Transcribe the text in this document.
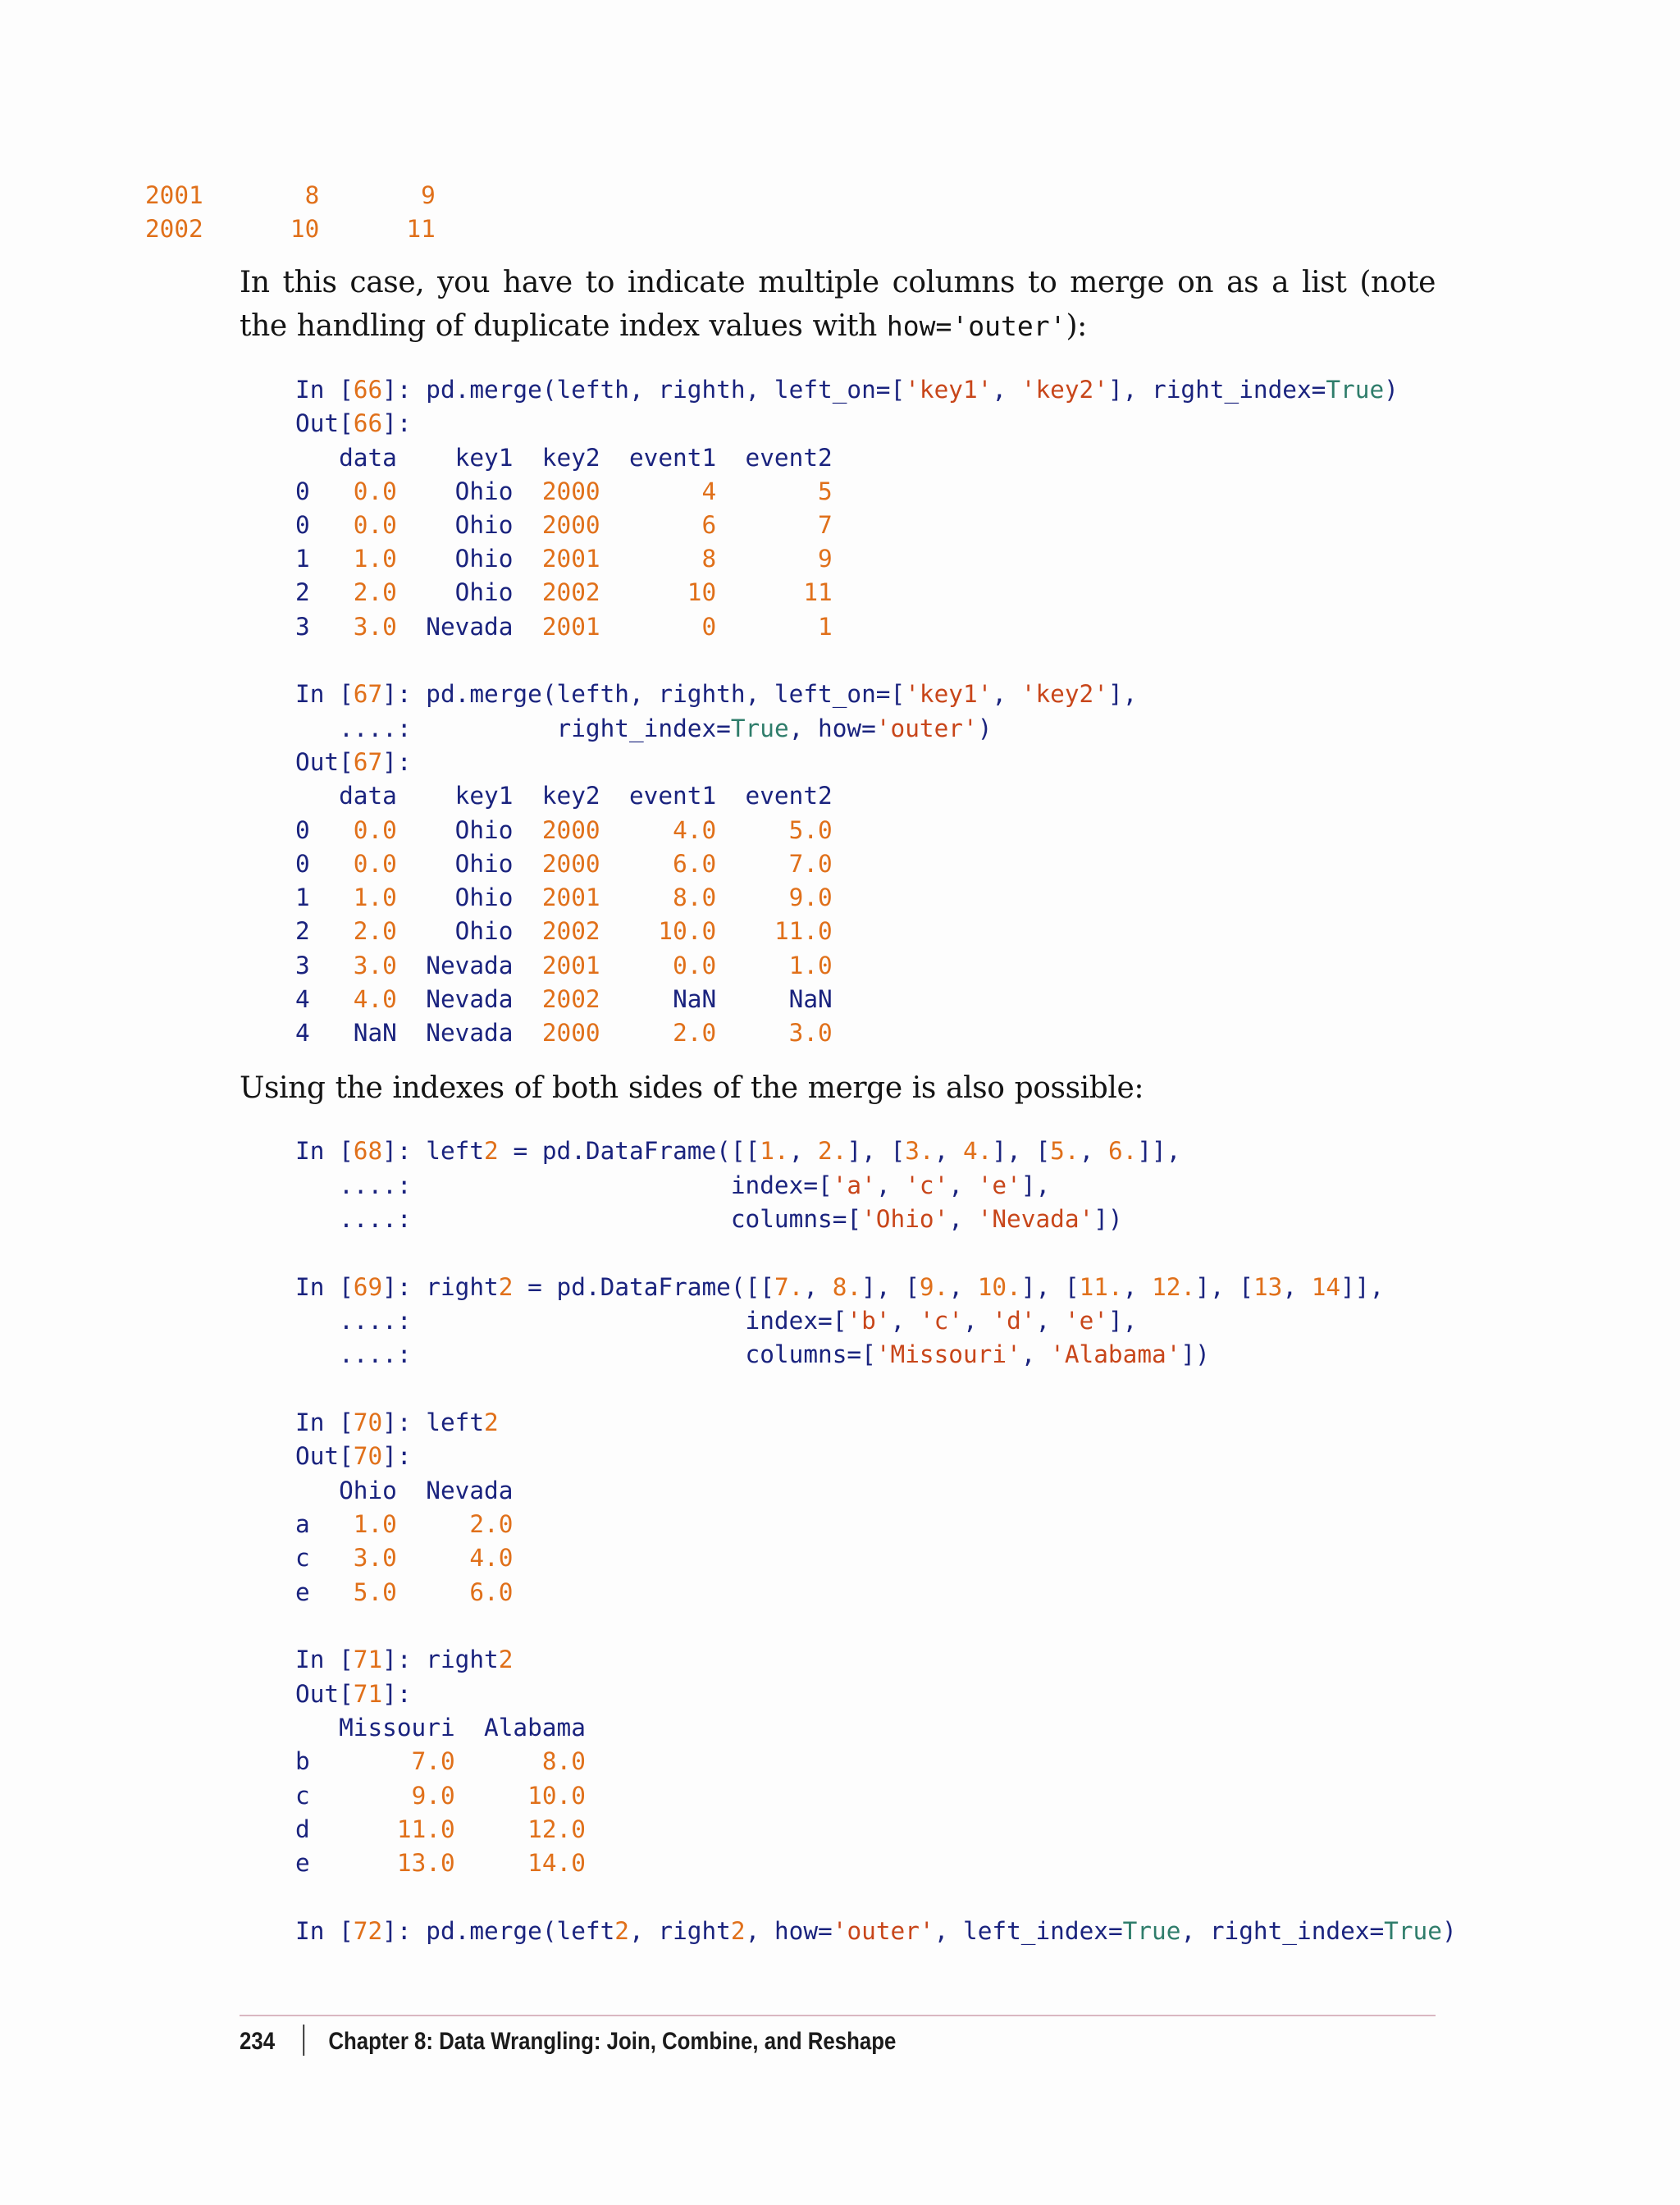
2001       8       9

2002      10      11

In [66]: pd.merge(lefth, righth, left_on=['key1', 'key2'], right_index=True)

Out[66]:

data    key1  key2  event1  event2

0   0.0    Ohio  2000       4       5

0   0.0    Ohio  2000       6       7

1   1.0    Ohio  2001       8       9

2   2.0    Ohio  2002      10      11

3   3.0  Nevada  2001       0       1

In [67]: pd.merge(lefth, righth, left_on=['key1', 'key2'],

....:          right_index=True, how='outer')

Out[67]:

data    key1  key2  event1  event2

0   0.0    Ohio  2000     4.0     5.0

0   0.0    Ohio  2000     6.0     7.0

1   1.0    Ohio  2001     8.0     9.0

2   2.0    Ohio  2002    10.0    11.0

3   3.0  Nevada  2001     0.0     1.0

4   4.0  Nevada  2002     NaN	NaN

4 NaN Nevada  2000     2.0     3.0

In [68]: left2 = pd.DataFrame([[1., 2.], [3., 4.], [5., 6.]],

....:                      index=['a', 'c', 'e'],

....:                      columns=['Ohio', 'Nevada'])

In [69]: right2 = pd.DataFrame([[7., 8.], [9., 10.], [11., 12.], [13, 14]],

....:                       index=['b', 'c', 'd', 'e'],

....:                       columns=['Missouri', 'Alabama'])

In [70]: left2

Out[70]:

Ohio  Nevada

a   1.0     2.0

c   3.0     4.0

e   5.0     6.0

In [71]: right2

Out[71]:

Missouri  Alabama

b       7.0      8.0

c       9.0     10.0

d      11.0     12.0

e      13.0     14.0

In [72]: pd.merge(left2, right2, how='outer', left_index=True, right_index=True)

In this case, you have to indicate multiple columns to merge on as a list (note the handling of duplicate index values with how='outer'):

Using the indexes of both sides of the merge is also possible:

234 Chapter 8: Data Wrangling: Join, Combine, and Reshape
